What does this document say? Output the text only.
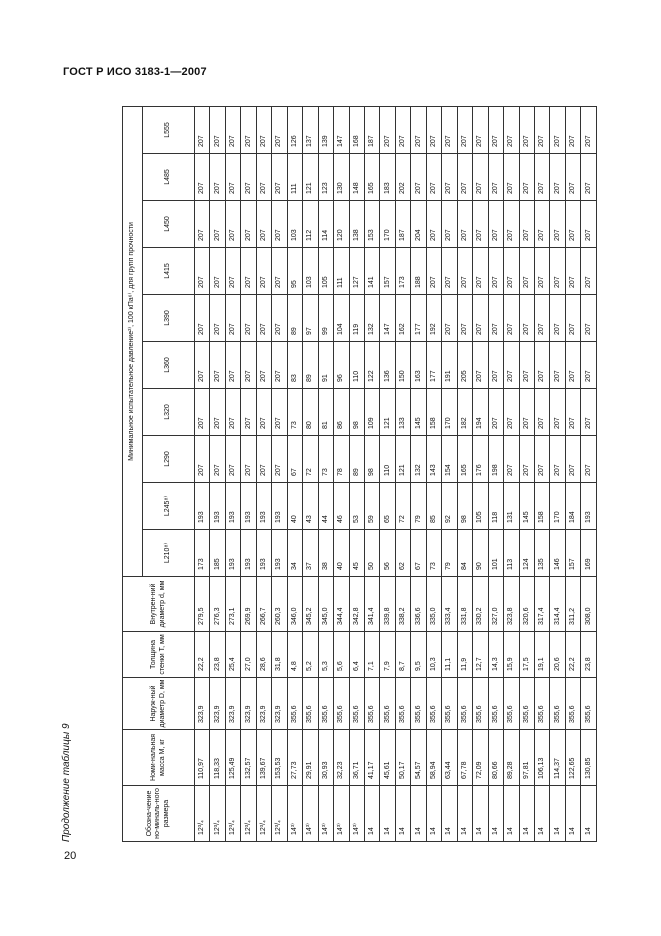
ГОСТ Р ИСО 3183-1—2007
Продолжение таблицы 9
20
Обозна-чение но-миналь-ного размера	Номи-нальная масса М, кг	Наруж-ный диаметр D, мм	Толщина стенки Т, мм	Внутрен-ний диаметр d, мм	Минимальное испытательное давление²⁾, 100 кПа⁶⁾, для групп прочности									
					L210⁸⁾	L245⁸⁾	L290	L320	L360	L390	L415	L450	L485	L555
12³/₄	110,97	323,9	22,2	279,5	173	193	207	207	207	207	207	207	207	207
12³/₄	118,33	323,9	23,8	276,3	185	193	207	207	207	207	207	207	207	207
12³/₄	125,49	323,9	25,4	273,1	193	193	207	207	207	207	207	207	207	207
12³/₄	132,57	323,9	27,0	269,9	193	193	207	207	207	207	207	207	207	207
12³/₄	139,67	323,9	28,6	266,7	193	193	207	207	207	207	207	207	207	207
12³/₄	153,53	323,9	31,8	260,3	193	193	207	207	207	207	207	207	207	207
14³⁾	27,73	355,6	4,8	346,0	34	40	67	73	83	89	95	103	111	126
14³⁾	29,91	355,6	5,2	345,2	37	43	72	80	89	97	103	112	121	137
14³⁾	30,93	355,6	5,3	345,0	38	44	73	81	91	99	105	114	123	139
14³⁾	32,23	355,6	5,6	344,4	40	46	78	86	96	104	111	120	130	147
14³⁾	36,71	355,6	6,4	342,8	45	53	89	98	110	119	127	138	148	168
14	41,17	355,6	7,1	341,4	50	59	98	109	122	132	141	153	165	187
14	45,61	355,6	7,9	339,8	56	65	110	121	136	147	157	170	183	207
14	50,17	355,6	8,7	338,2	62	72	121	133	150	162	173	187	202	207
14	54,57	355,6	9,5	336,6	67	79	132	145	163	177	188	204	207	207
14	58,94	355,6	10,3	335,0	73	85	143	158	177	192	207	207	207	207
14	63,44	355,6	11,1	333,4	79	92	154	170	191	207	207	207	207	207
14	67,78	355,6	11,9	331,8	84	98	165	182	205	207	207	207	207	207
14	72,09	355,6	12,7	330,2	90	105	176	194	207	207	207	207	207	207
14	80,66	355,6	14,3	327,0	101	118	198	207	207	207	207	207	207	207
14	89,28	355,6	15,9	323,8	113	131	207	207	207	207	207	207	207	207
14	97,81	355,6	17,5	320,6	124	145	207	207	207	207	207	207	207	207
14	106,13	355,6	19,1	317,4	135	158	207	207	207	207	207	207	207	207
14	114,37	355,6	20,6	314,4	146	170	207	207	207	207	207	207	207	207
14	122,65	355,6	22,2	311,2	157	184	207	207	207	207	207	207	207	207
14	130,85	355,6	23,8	308,0	169	193	207	207	207	207	207	207	207	207
